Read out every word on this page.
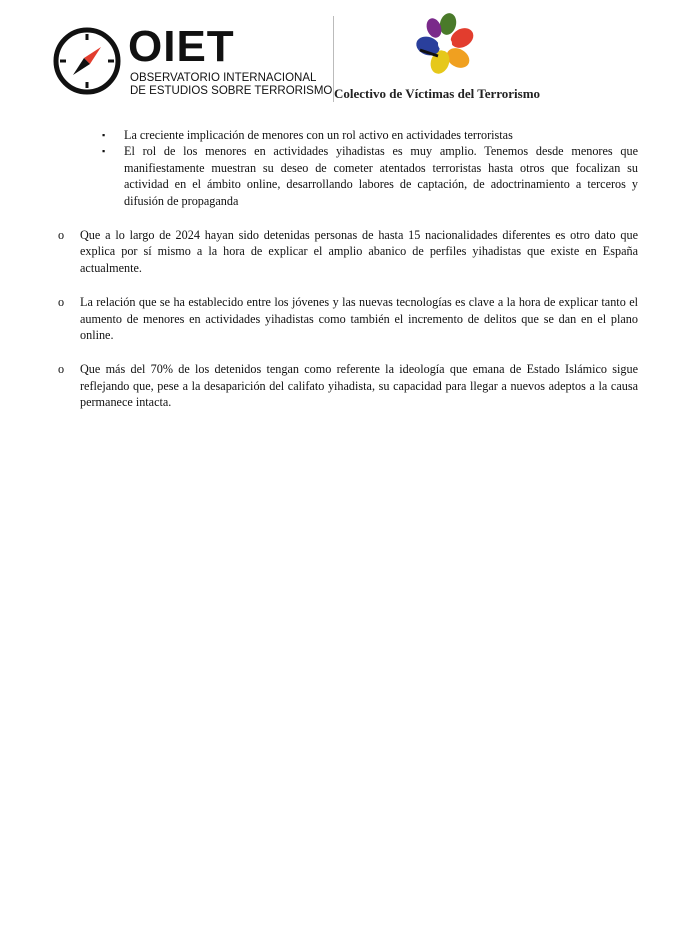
OIET
OBSERVATORIO INTERNACIONAL
DE ESTUDIOS SOBRE TERRORISMO Colectivo de Víctimas del Terrorismo
▪ La creciente implicación de menores con un rol activo en actividades terroristas
▪ El rol de los menores en actividades yihadistas es muy amplio. Tenemos desde menores que manifiestamente muestran su deseo de cometer atentados terroristas hasta otros que focalizan su actividad en el ámbito online, desarrollando labores de captación, de adoctrinamiento a terceros y difusión de propaganda
o Que a lo largo de 2024 hayan sido detenidas personas de hasta 15 nacionalidades diferentes es otro dato que explica por sí mismo a la hora de explicar el amplio abanico de perfiles yihadistas que existe en España actualmente.
o La relación que se ha establecido entre los jóvenes y las nuevas tecnologías es clave a la hora de explicar tanto el aumento de menores en actividades yihadistas como también el incremento de delitos que se dan en el plano online.
o Que más del 70% de los detenidos tengan como referente la ideología que emana de Estado Islámico sigue reflejando que, pese a la desaparición del califato yihadista, su capacidad para llegar a nuevos adeptos a la causa permanece intacta.
